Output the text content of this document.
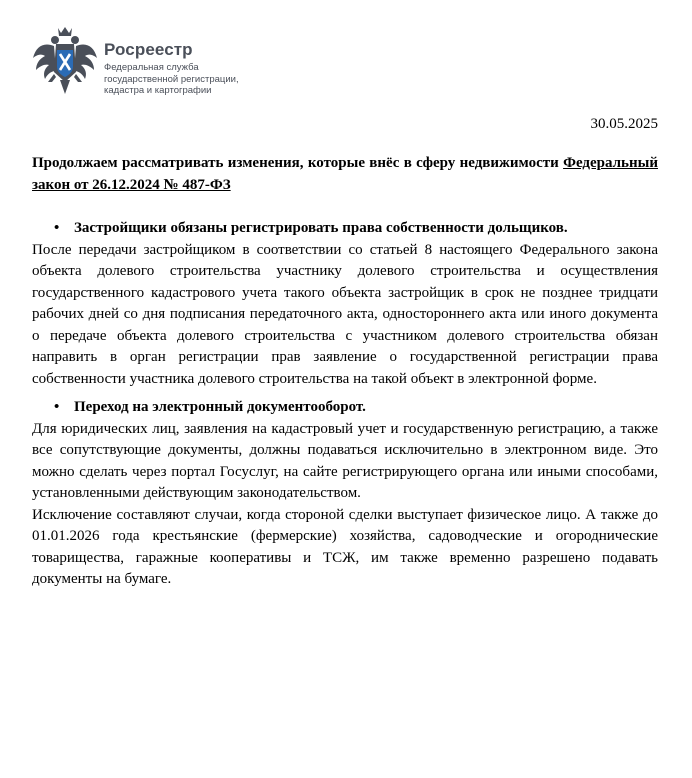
Росреестр
Федеральная служба
государственной регистрации,
кадастра и картографии
30.05.2025

Продолжаем рассматривать изменения, которые внёс в сферу недвижимости Федеральный закон от 26.12.2024 № 487-ФЗ

• Застройщики обязаны регистрировать права собственности дольщиков.

После передачи застройщиком в соответствии со статьей 8 настоящего Федерального закона объекта долевого строительства участнику долевого строительства и осуществления государственного кадастрового учета такого объекта застройщик в срок не позднее тридцати рабочих дней со дня подписания передаточного акта, одностороннего акта или иного документа о передаче объекта долевого строительства с участником долевого строительства обязан направить в орган регистрации прав заявление о государственной регистрации права собственности участника долевого строительства на такой объект в электронной форме.

• Переход на электронный документооборот.

Для юридических лиц, заявления на кадастровый учет и государственную регистрацию, а также все сопутствующие документы, должны подаваться исключительно в электронном виде. Это можно сделать через портал Госуслуг, на сайте регистрирующего органа или иными способами, установленными действующим законодательством.

Исключение составляют случаи, когда стороной сделки выступает физическое лицо. А также до 01.01.2026 года крестьянские (фермерские) хозяйства, садоводческие и огороднические товарищества, гаражные кооперативы и ТСЖ, им также временно разрешено подавать документы на бумаге.
